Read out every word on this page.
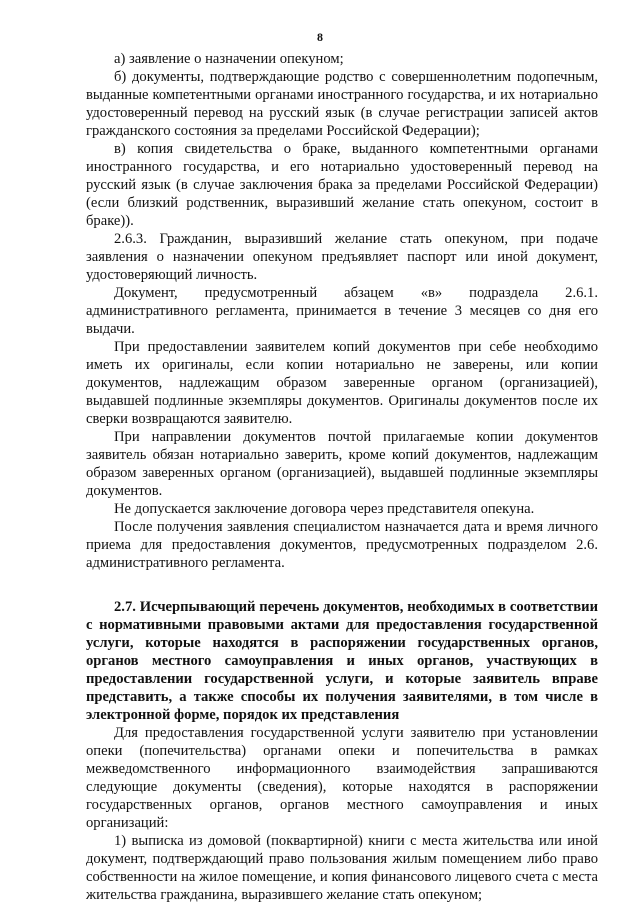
8

а) заявление о назначении опекуном;

б) документы, подтверждающие родство с совершеннолетним подопечным, выданные компетентными органами иностранного государства, и их нотариально удостоверенный перевод на русский язык (в случае регистрации записей актов гражданского состояния за пределами Российской Федерации);

в) копия свидетельства о браке, выданного компетентными органами иностранного государства, и его нотариально удостоверенный перевод на русский язык (в случае заключения брака за пределами Российской Федерации) (если близкий родственник, выразивший желание стать опекуном, состоит в браке)).

2.6.3. Гражданин, выразивший желание стать опекуном, при подаче заявления о назначении опекуном предъявляет паспорт или иной документ, удостоверяющий личность.

Документ, предусмотренный абзацем «в» подраздела 2.6.1. административного регламента, принимается в течение 3 месяцев со дня его выдачи.

При предоставлении заявителем копий документов при себе необходимо иметь их оригиналы, если копии нотариально не заверены, или копии документов, надлежащим образом заверенные органом (организацией), выдавшей подлинные экземпляры документов. Оригиналы документов после их сверки возвращаются заявителю.

При направлении документов почтой прилагаемые копии документов заявитель обязан нотариально заверить, кроме копий документов, надлежащим образом заверенных органом (организацией), выдавшей подлинные экземпляры документов.

Не допускается заключение договора через представителя опекуна.

После получения заявления специалистом назначается дата и время личного приема для предоставления документов, предусмотренных подразделом 2.6. административного регламента.

2.7. Исчерпывающий перечень документов, необходимых в соответствии с нормативными правовыми актами для предоставления государственной услуги, которые находятся в распоряжении государственных органов, органов местного самоуправления и иных органов, участвующих в предоставлении государственной услуги, и которые заявитель вправе представить, а также способы их получения заявителями, в том числе в электронной форме, порядок их представления

Для предоставления государственной услуги заявителю при установлении опеки (попечительства) органами опеки и попечительства в рамках межведомственного информационного взаимодействия запрашиваются следующие документы (сведения), которые находятся в распоряжении государственных органов, органов местного самоуправления и иных организаций:

1) выписка из домовой (поквартирной) книги с места жительства или иной документ, подтверждающий право пользования жилым помещением либо право собственности на жилое помещение, и копия финансового лицевого счета с места жительства гражданина, выразившего желание стать опекуном;
